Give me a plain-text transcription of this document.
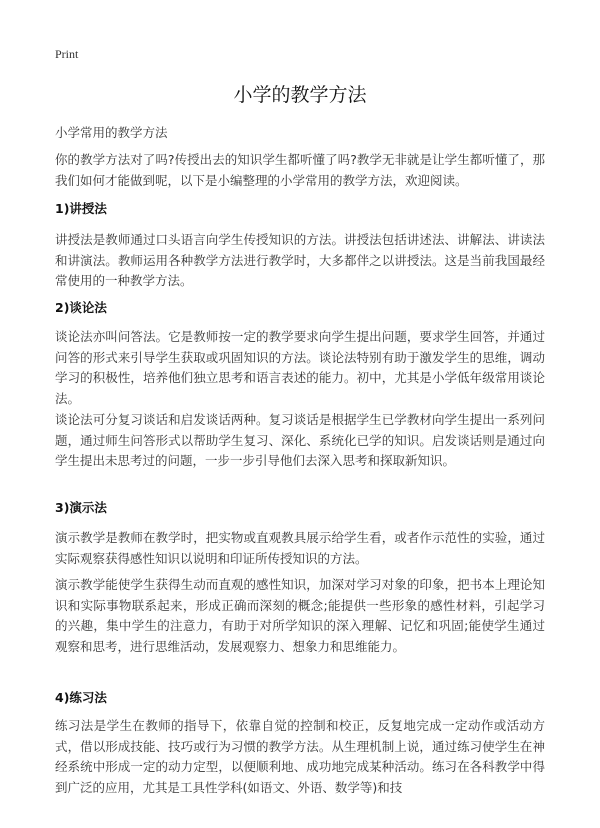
Print
小学的教学方法
小学常用的教学方法

你的教学方法对了吗?传授出去的知识学生都听懂了吗?教学无非就是让学生都听懂了，那我们如何才能做到呢，以下是小编整理的小学常用的教学方法，欢迎阅读。

1)讲授法

讲授法是教师通过口头语言向学生传授知识的方法。讲授法包括讲述法、讲解法、讲读法和讲演法。教师运用各种教学方法进行教学时，大多都伴之以讲授法。这是当前我国最经常使用的一种教学方法。

2)谈论法

谈论法亦叫问答法。它是教师按一定的教学要求向学生提出问题，要求学生回答，并通过问答的形式来引导学生获取或巩固知识的方法。谈论法特别有助于激发学生的思维，调动学习的积极性，培养他们独立思考和语言表述的能力。初中，尤其是小学低年级常用谈论法。

谈论法可分复习谈话和启发谈话两种。复习谈话是根据学生已学教材向学生提出一系列问题，通过师生问答形式以帮助学生复习、深化、系统化已学的知识。启发谈话则是通过向学生提出未思考过的问题，一步一步引导他们去深入思考和探取新知识。

3)演示法

演示教学是教师在教学时，把实物或直观教具展示给学生看，或者作示范性的实验，通过实际观察获得感性知识以说明和印证所传授知识的方法。

演示教学能使学生获得生动而直观的感性知识，加深对学习对象的印象，把书本上理论知识和实际事物联系起来，形成正确而深刻的概念;能提供一些形象的感性材料，引起学习的兴趣，集中学生的注意力，有助于对所学知识的深入理解、记忆和巩固;能使学生通过观察和思考，进行思维活动，发展观察力、想象力和思维能力。

4)练习法

练习法是学生在教师的指导下，依靠自觉的控制和校正，反复地完成一定动作或活动方式，借以形成技能、技巧或行为习惯的教学方法。从生理机制上说，通过练习使学生在神经系统中形成一定的动力定型，以便顺利地、成功地完成某种活动。练习在各科教学中得到广泛的应用，尤其是工具性学科(如语文、外语、数学等)和技
